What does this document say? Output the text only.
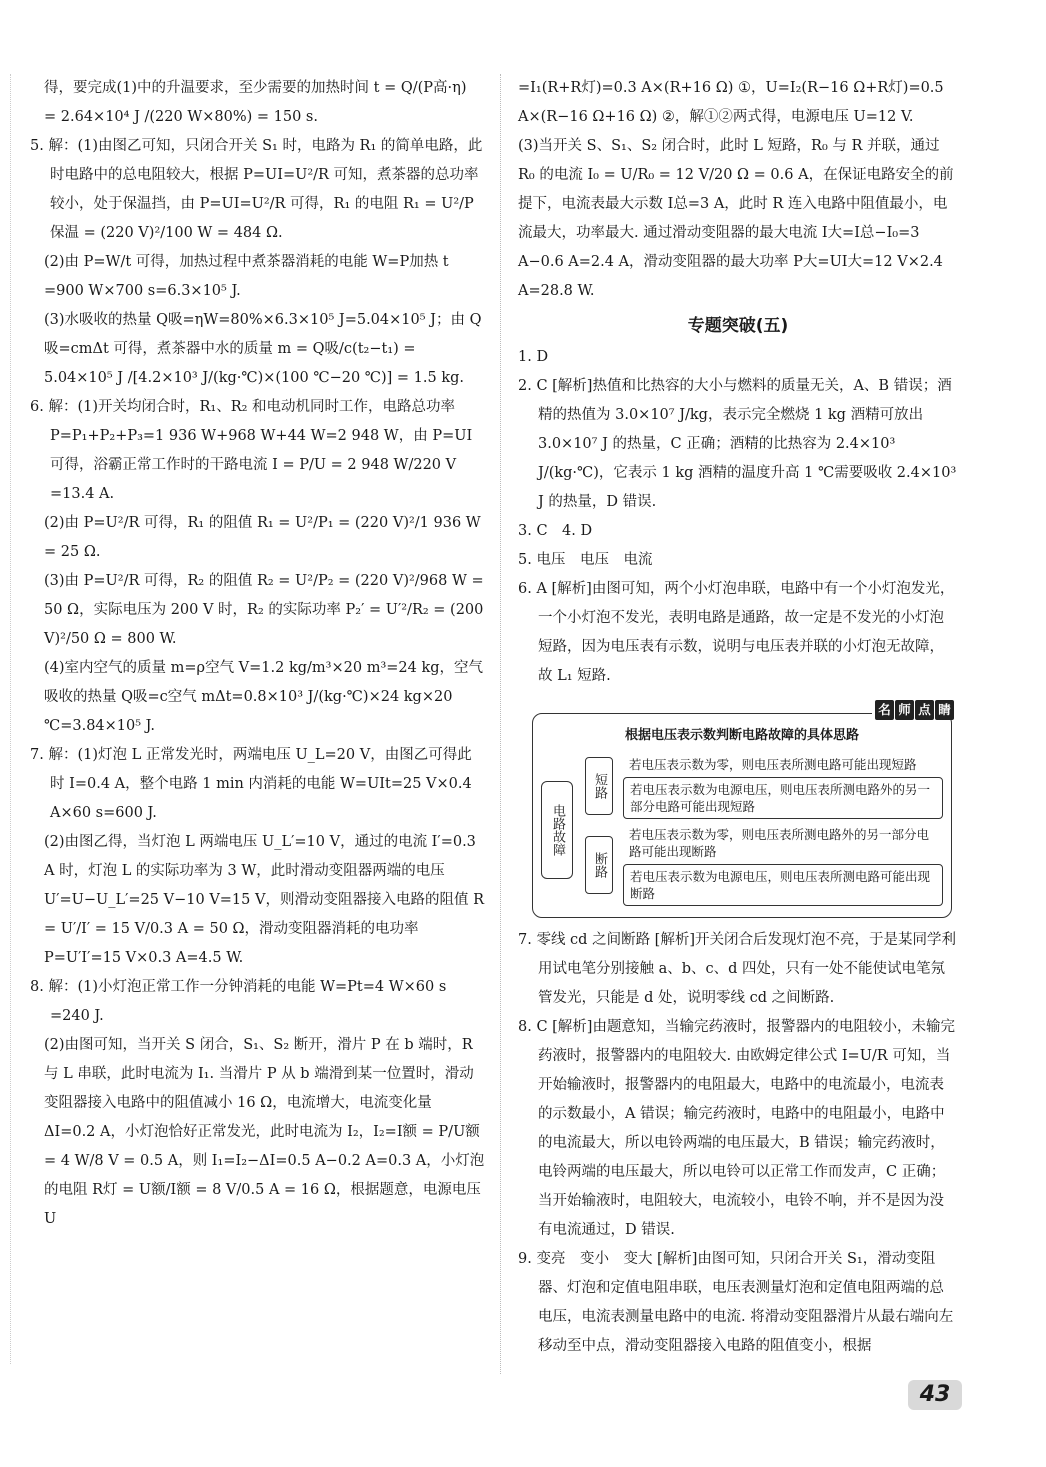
得，要完成(1)中的升温要求，至少需要的加热时间 t = Q/(P高·η)

= 2.64×10⁴ J /(220 W×80%) = 150 s.

5. 解：(1)由图乙可知，只闭合开关 S₁ 时，电路为 R₁ 的简单电路，此时电路中的总电阻较大，根据 P=UI=U²/R 可知，煮茶器的总功率较小，处于保温挡，由 P=UI=U²/R 可得，R₁ 的电阻 R₁ = U²/P保温 = (220 V)²/100 W = 484 Ω.

(2)由 P=W/t 可得，加热过程中煮茶器消耗的电能 W=P加热 t =900 W×700 s=6.3×10⁵ J.

(3)水吸收的热量 Q吸=ηW=80%×6.3×10⁵ J=5.04×10⁵ J；由 Q吸=cmΔt 可得，煮茶器中水的质量 m = Q吸/c(t₂−t₁) = 5.04×10⁵ J /[4.2×10³ J/(kg·℃)×(100 ℃−20 ℃)] = 1.5 kg.

6. 解：(1)开关均闭合时，R₁、R₂ 和电动机同时工作，电路总功率 P=P₁+P₂+P₃=1 936 W+968 W+44 W=2 948 W，由 P=UI 可得，浴霸正常工作时的干路电流 I = P/U = 2 948 W/220 V =13.4 A.

(2)由 P=U²/R 可得，R₁ 的阻值 R₁ = U²/P₁ = (220 V)²/1 936 W = 25 Ω.

(3)由 P=U²/R 可得，R₂ 的阻值 R₂ = U²/P₂ = (220 V)²/968 W = 50 Ω，实际电压为 200 V 时，R₂ 的实际功率 P₂′ = U′²/R₂ = (200 V)²/50 Ω = 800 W.

(4)室内空气的质量 m=ρ空气 V=1.2 kg/m³×20 m³=24 kg，空气吸收的热量 Q吸=c空气 mΔt=0.8×10³ J/(kg·℃)×24 kg×20 ℃=3.84×10⁵ J.

7. 解：(1)灯泡 L 正常发光时，两端电压 U_L=20 V，由图乙可得此时 I=0.4 A，整个电路 1 min 内消耗的电能 W=UIt=25 V×0.4 A×60 s=600 J.

(2)由图乙得，当灯泡 L 两端电压 U_L′=10 V，通过的电流 I′=0.3 A 时，灯泡 L 的实际功率为 3 W，此时滑动变阻器两端的电压 U′=U−U_L′=25 V−10 V=15 V，则滑动变阻器接入电路的阻值 R = U′/I′ = 15 V/0.3 A = 50 Ω，滑动变阻器消耗的电功率 P=U′I′=15 V×0.3 A=4.5 W.

8. 解：(1)小灯泡正常工作一分钟消耗的电能 W=Pt=4 W×60 s =240 J.

(2)由图可知，当开关 S 闭合，S₁、S₂ 断开，滑片 P 在 b 端时，R 与 L 串联，此时电流为 I₁. 当滑片 P 从 b 端滑到某一位置时，滑动变阻器接入电路中的阻值减小 16 Ω，电流增大，电流变化量 ΔI=0.2 A，小灯泡恰好正常发光，此时电流为 I₂，I₂=I额 = P/U额 = 4 W/8 V = 0.5 A，则 I₁=I₂−ΔI=0.5 A−0.2 A=0.3 A，小灯泡的电阻 R灯 = U额/I额 = 8 V/0.5 A = 16 Ω，根据题意，电源电压 U

=I₁(R+R灯)=0.3 A×(R+16 Ω) ①，U=I₂(R−16 Ω+R灯)=0.5 A×(R−16 Ω+16 Ω) ②，解①②两式得，电源电压 U=12 V.

(3)当开关 S、S₁、S₂ 闭合时，此时 L 短路，R₀ 与 R 并联，通过 R₀ 的电流 I₀ = U/R₀ = 12 V/20 Ω = 0.6 A，在保证电路安全的前提下，电流表最大示数 I总=3 A，此时 R 连入电路中阻值最小，电流最大，功率最大. 通过滑动变阻器的最大电流 I大=I总−I₀=3 A−0.6 A=2.4 A，滑动变阻器的最大功率 P大=UI大=12 V×2.4 A=28.8 W.

专题突破(五)

1. D

2. C [解析]热值和比热容的大小与燃料的质量无关，A、B 错误；酒精的热值为 3.0×10⁷ J/kg，表示完全燃烧 1 kg 酒精可放出 3.0×10⁷ J 的热量，C 正确；酒精的比热容为 2.4×10³ J/(kg·℃)，它表示 1 kg 酒精的温度升高 1 ℃需要吸收 2.4×10³ J 的热量，D 错误.

3. C　4. D

5. 电压　电压　电流

6. A [解析]由图可知，两个小灯泡串联，电路中有一个小灯泡发光，一个小灯泡不发光，表明电路是通路，故一定是不发光的小灯泡短路，因为电压表有示数，说明与电压表并联的小灯泡无故障，故 L₁ 短路.

名 师 点 睛
根据电压表示数判断电路故障的具体思路
电路故障
短路
若电压表示数为零，则电压表所测电路可能出现短路
若电压表示数为电源电压，则电压表所测电路外的另一部分电路可能出现短路
断路
若电压表示数为零，则电压表所测电路外的另一部分电路可能出现断路
若电压表示数为电源电压，则电压表所测电路可能出现断路

7. 零线 cd 之间断路 [解析]开关闭合后发现灯泡不亮，于是某同学利用试电笔分别接触 a、b、c、d 四处，只有一处不能使试电笔氖管发光，只能是 d 处，说明零线 cd 之间断路.

8. C [解析]由题意知，当输完药液时，报警器内的电阻较小，未输完药液时，报警器内的电阻较大. 由欧姆定律公式 I=U/R 可知，当开始输液时，报警器内的电阻最大，电路中的电流最小，电流表的示数最小，A 错误；输完药液时，电路中的电阻最小，电路中的电流最大，所以电铃两端的电压最大，B 错误；输完药液时，电铃两端的电压最大，所以电铃可以正常工作而发声，C 正确；当开始输液时，电阻较大，电流较小，电铃不响，并不是因为没有电流通过，D 错误.

9. 变亮　变小　变大 [解析]由图可知，只闭合开关 S₁，滑动变阻器、灯泡和定值电阻串联，电压表测量灯泡和定值电阻两端的总电压，电流表测量电路中的电流. 将滑动变阻器滑片从最右端向左移动至中点，滑动变阻器接入电路的阻值变小，根据

43
